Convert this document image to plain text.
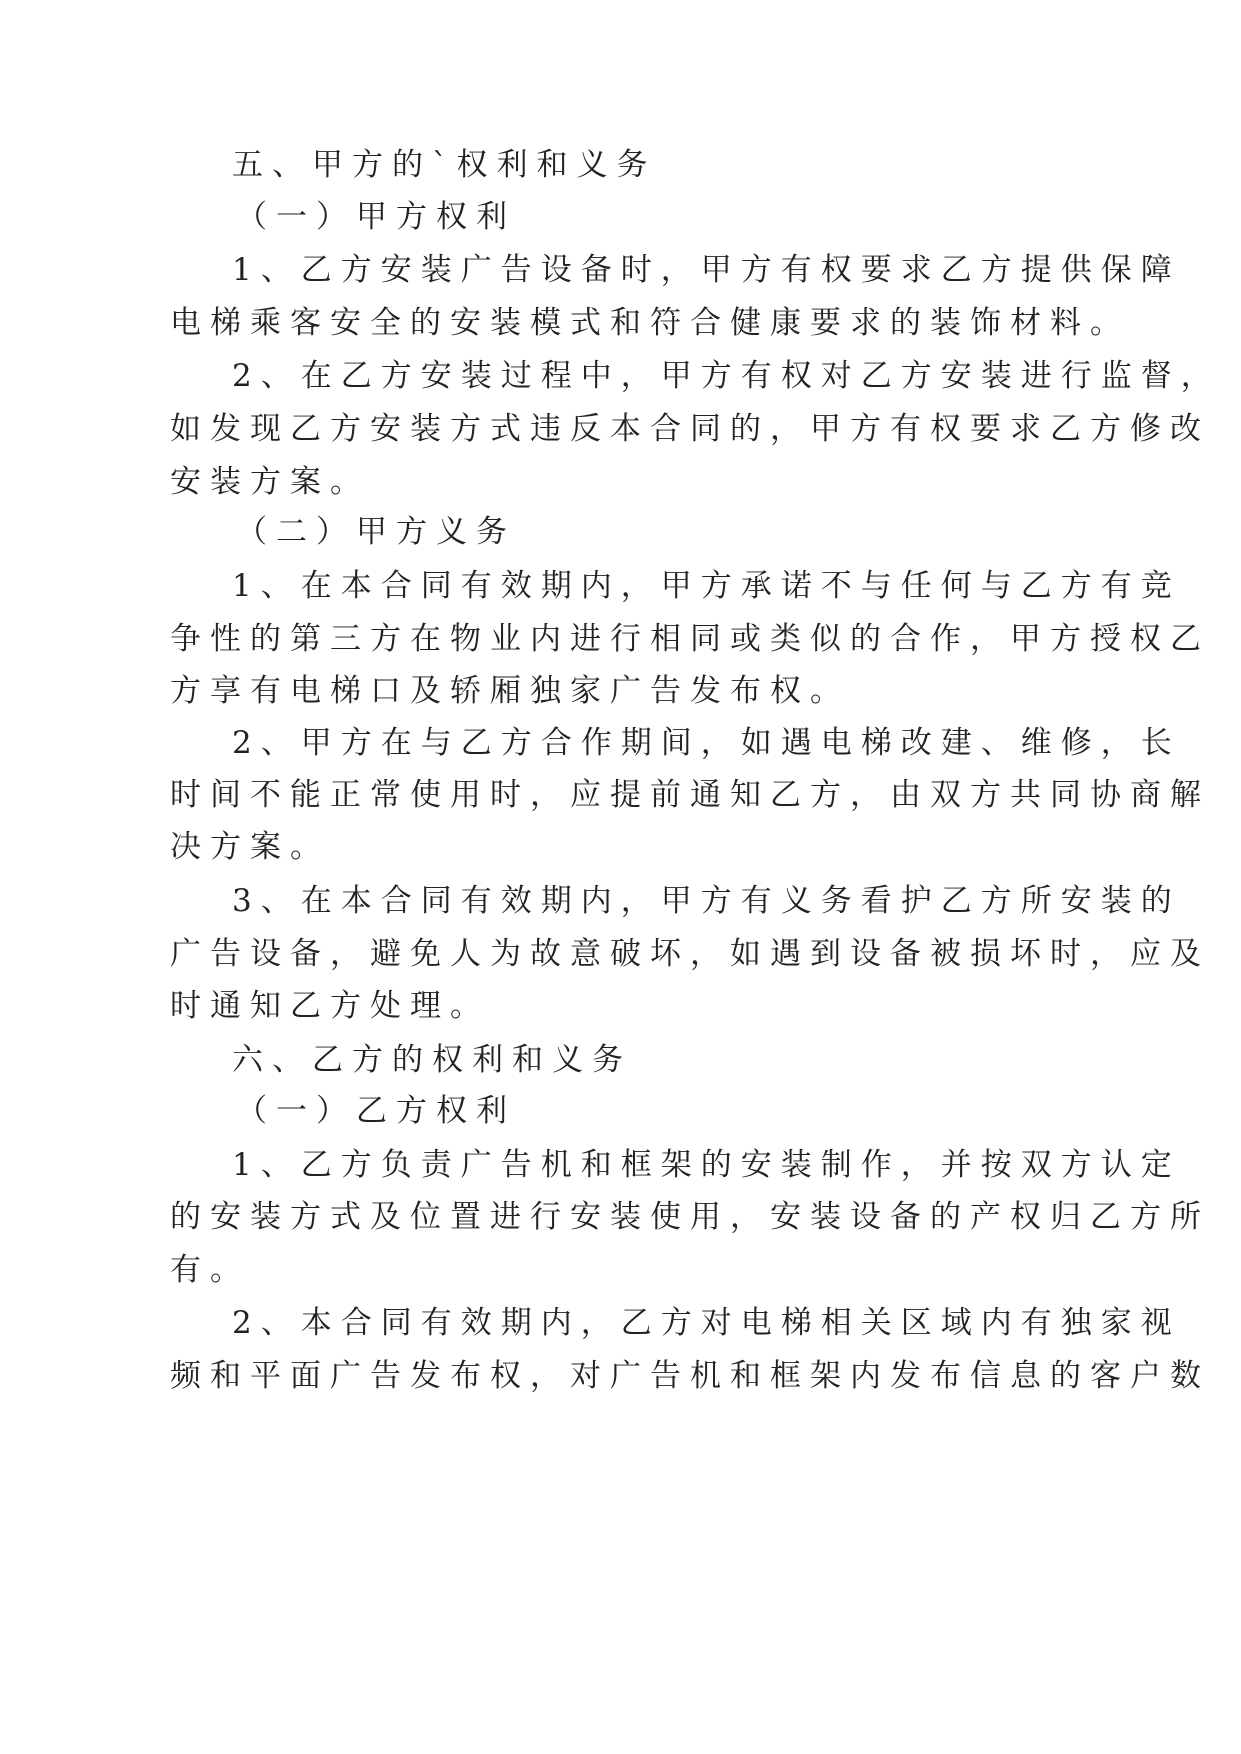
五、甲方的`权利和义务
（一）甲方权利
1、乙方安装广告设备时，甲方有权要求乙方提供保障
电梯乘客安全的安装模式和符合健康要求的装饰材料。
2、在乙方安装过程中，甲方有权对乙方安装进行监督，
如发现乙方安装方式违反本合同的，甲方有权要求乙方修改
安装方案。
（二）甲方义务
1、在本合同有效期内，甲方承诺不与任何与乙方有竞
争性的第三方在物业内进行相同或类似的合作，甲方授权乙
方享有电梯口及轿厢独家广告发布权。
2、甲方在与乙方合作期间，如遇电梯改建、维修，长
时间不能正常使用时，应提前通知乙方，由双方共同协商解
决方案。
3、在本合同有效期内，甲方有义务看护乙方所安装的
广告设备，避免人为故意破坏，如遇到设备被损坏时，应及
时通知乙方处理。
六、乙方的权利和义务
（一）乙方权利
1、乙方负责广告机和框架的安装制作，并按双方认定
的安装方式及位置进行安装使用，安装设备的产权归乙方所
有。
2、本合同有效期内，乙方对电梯相关区域内有独家视
频和平面广告发布权，对广告机和框架内发布信息的客户数
